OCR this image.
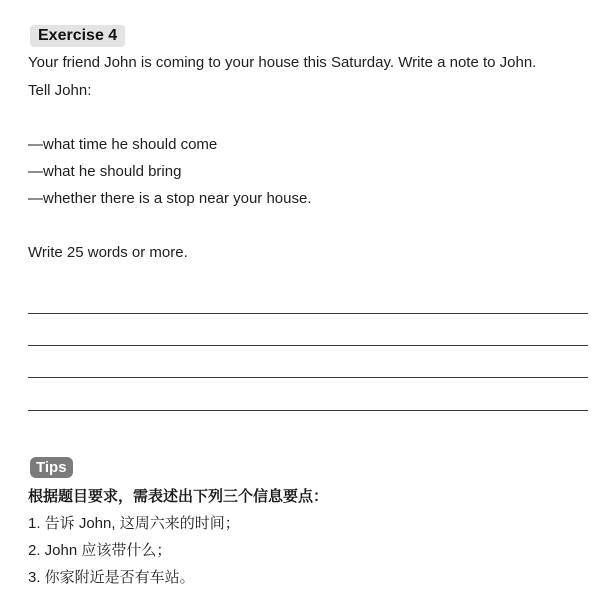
Exercise 4
Your friend John is coming to your house this Saturday. Write a note to John.
Tell John:
—what time he should come
—what he should bring
—whether there is a stop near your house.
Write 25 words or more.
Tips
根据题目要求，需表述出下列三个信息要点：
1. 告诉 John, 这周六来的时间；
2. John 应该带什么；
3. 你家附近是否有车站。
